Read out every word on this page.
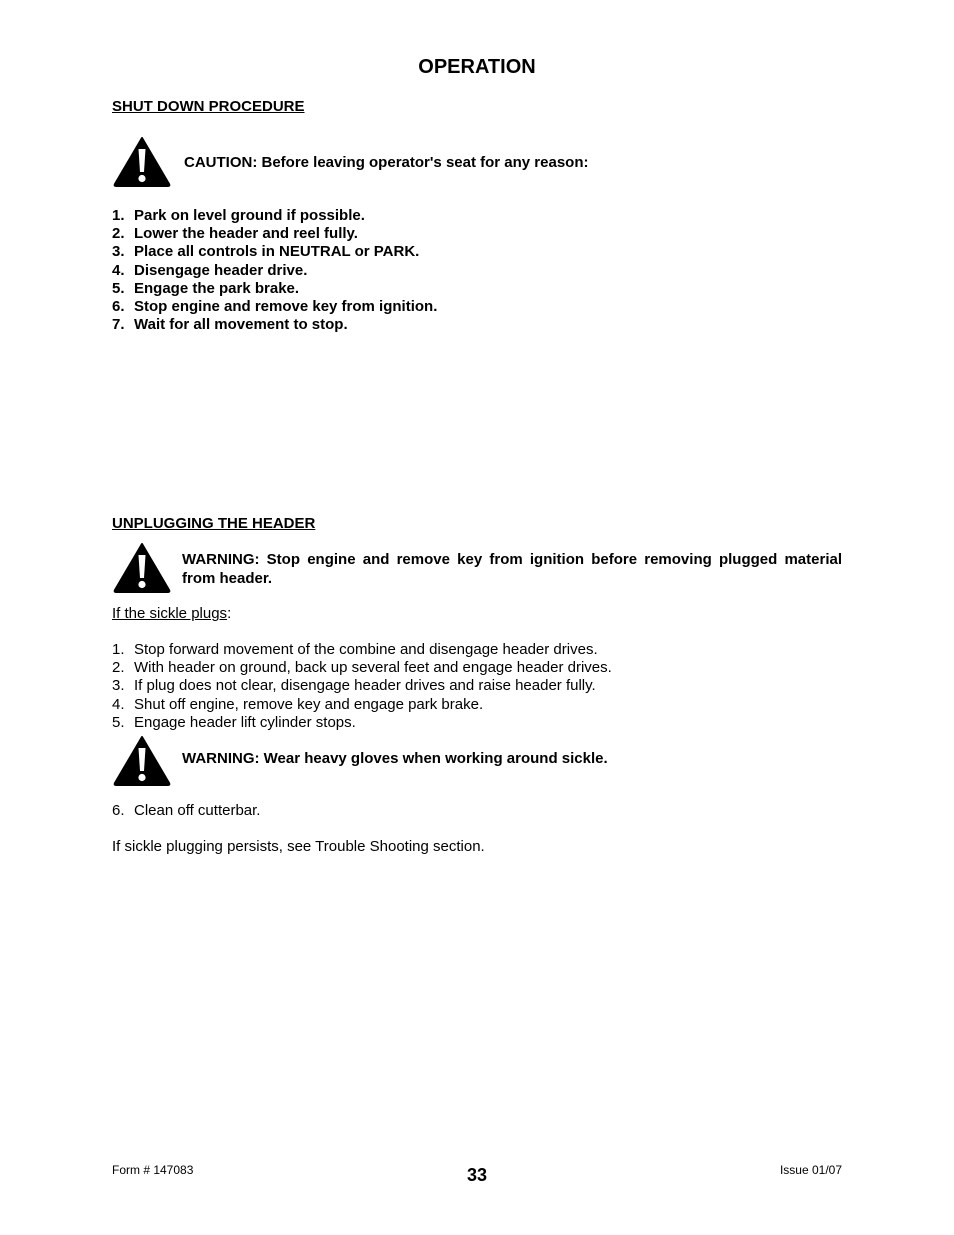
OPERATION
SHUT DOWN PROCEDURE
CAUTION: Before leaving operator's seat for any reason:
1. Park on level ground if possible.
2. Lower the header and reel fully.
3. Place all controls in NEUTRAL or PARK.
4. Disengage header drive.
5. Engage the park brake.
6. Stop engine and remove key from ignition.
7. Wait for all movement to stop.
UNPLUGGING THE HEADER
WARNING: Stop engine and remove key from ignition before removing plugged material from header.
If the sickle plugs:
1. Stop forward movement of the combine and disengage header drives.
2. With header on ground, back up several feet and engage header drives.
3. If plug does not clear, disengage header drives and raise header fully.
4. Shut off engine, remove key and engage park brake.
5. Engage header lift cylinder stops.
WARNING: Wear heavy gloves when working around sickle.
6. Clean off cutterbar.
If sickle plugging persists, see Trouble Shooting section.
Form # 147083	33	Issue 01/07
